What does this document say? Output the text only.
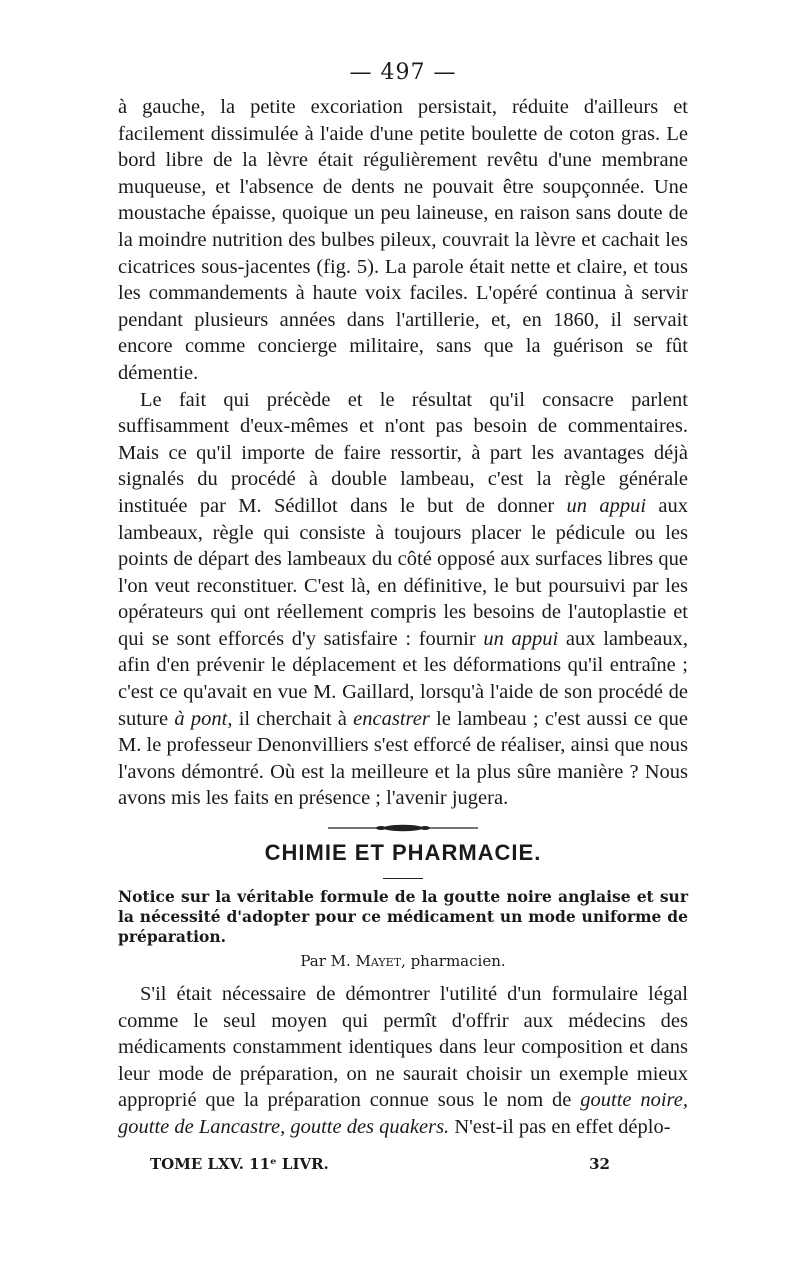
— 497 —

à gauche, la petite excoriation persistait, réduite d'ailleurs et facilement dissimulée à l'aide d'une petite boulette de coton gras. Le bord libre de la lèvre était régulièrement revêtu d'une membrane muqueuse, et l'absence de dents ne pouvait être soupçonnée. Une moustache épaisse, quoique un peu laineuse, en raison sans doute de la moindre nutrition des bulbes pileux, couvrait la lèvre et cachait les cicatrices sous-jacentes (fig. 5). La parole était nette et claire, et tous les commandements à haute voix faciles. L'opéré continua à servir pendant plusieurs années dans l'artillerie, et, en 1860, il servait encore comme concierge militaire, sans que la guérison se fût démentie.

Le fait qui précède et le résultat qu'il consacre parlent suffisamment d'eux-mêmes et n'ont pas besoin de commentaires. Mais ce qu'il importe de faire ressortir, à part les avantages déjà signalés du procédé à double lambeau, c'est la règle générale instituée par M. Sédillot dans le but de donner un appui aux lambeaux, règle qui consiste à toujours placer le pédicule ou les points de départ des lambeaux du côté opposé aux surfaces libres que l'on veut reconstituer. C'est là, en définitive, le but poursuivi par les opérateurs qui ont réellement compris les besoins de l'autoplastie et qui se sont efforcés d'y satisfaire : fournir un appui aux lambeaux, afin d'en prévenir le déplacement et les déformations qu'il entraîne ; c'est ce qu'avait en vue M. Gaillard, lorsqu'à l'aide de son procédé de suture à pont, il cherchait à encastrer le lambeau ; c'est aussi ce que M. le professeur Denonvilliers s'est efforcé de réaliser, ainsi que nous l'avons démontré. Où est la meilleure et la plus sûre manière ? Nous avons mis les faits en présence ; l'avenir jugera.

CHIMIE ET PHARMACIE.
Notice sur la véritable formule de la goutte noire anglaise et sur la nécessité d'adopter pour ce médicament un mode uniforme de préparation.
Par M. Mayet, pharmacien.

S'il était nécessaire de démontrer l'utilité d'un formulaire légal comme le seul moyen qui permît d'offrir aux médecins des médicaments constamment identiques dans leur composition et dans leur mode de préparation, on ne saurait choisir un exemple mieux approprié que la préparation connue sous le nom de goutte noire, goutte de Lancastre, goutte des quakers. N'est-il pas en effet déplo-

TOME LXV. 11ᵉ LIVR.	32
